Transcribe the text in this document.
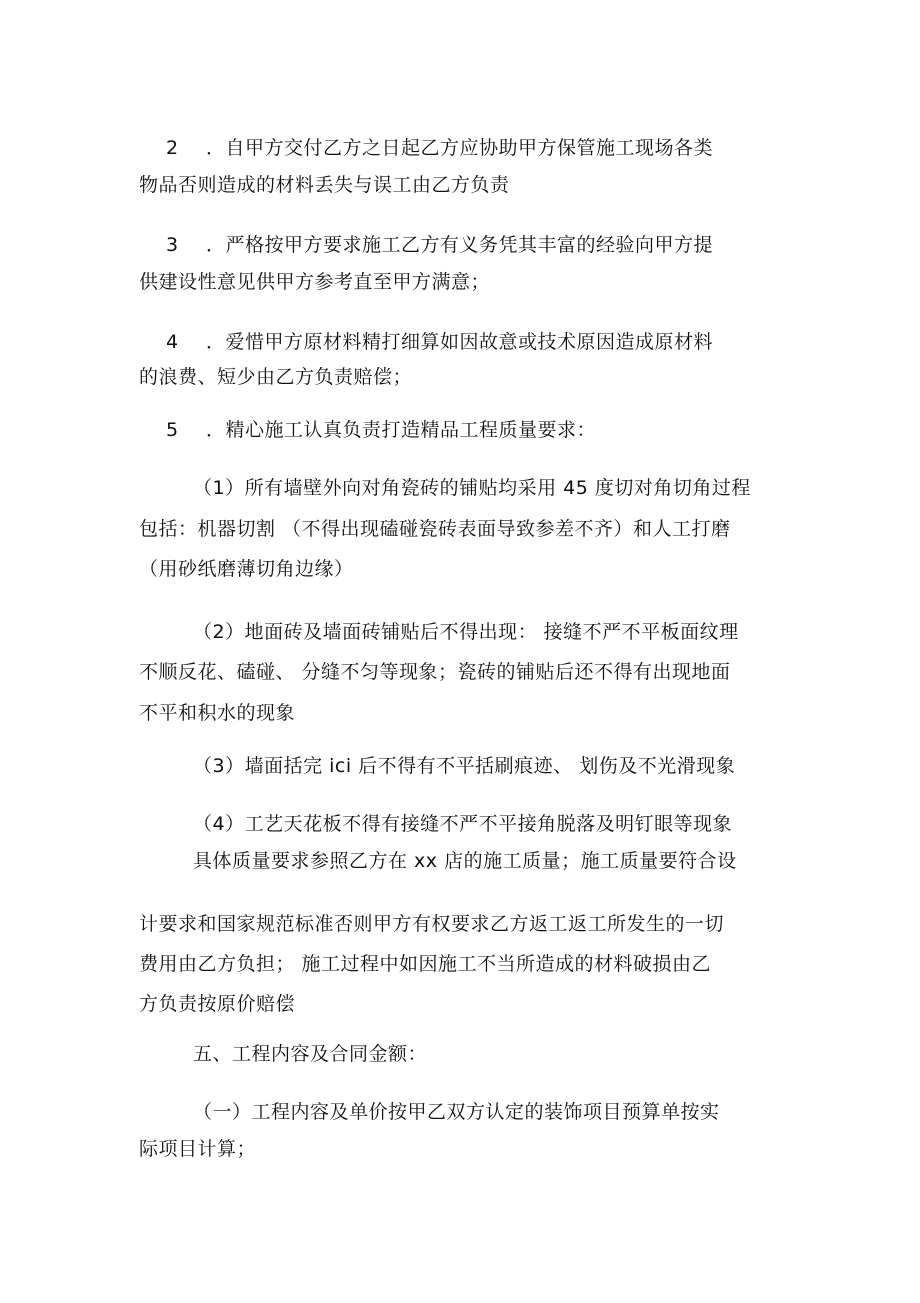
2 ．自甲方交付乙方之日起乙方应协助甲方保管施工现场各类
物品否则造成的材料丢失与误工由乙方负责
3 ．严格按甲方要求施工乙方有义务凭其丰富的经验向甲方提
供建设性意见供甲方参考直至甲方满意；
4 ．爱惜甲方原材料精打细算如因故意或技术原因造成原材料
的浪费、短少由乙方负责赔偿；
5 ．精心施工认真负责打造精品工程质量要求：
（1）所有墙壁外向对角瓷砖的铺贴均采用 45 度切对角切角过程
包括：机器切割 （不得出现磕碰瓷砖表面导致参差不齐）和人工打磨
（用砂纸磨薄切角边缘）
（2）地面砖及墙面砖铺贴后不得出现： 接缝不严不平板面纹理
不顺反花、磕碰、 分缝不匀等现象；瓷砖的铺贴后还不得有出现地面
不平和积水的现象
（3）墙面括完 ici 后不得有不平括刷痕迹、 划伤及不光滑现象
（4）工艺天花板不得有接缝不严不平接角脱落及明钉眼等现象
具体质量要求参照乙方在 xx 店的施工质量；施工质量要符合设
计要求和国家规范标准否则甲方有权要求乙方返工返工所发生的一切
费用由乙方负担； 施工过程中如因施工不当所造成的材料破损由乙
方负责按原价赔偿
五、工程内容及合同金额：
（一）工程内容及单价按甲乙双方认定的装饰项目预算单按实
际项目计算；
